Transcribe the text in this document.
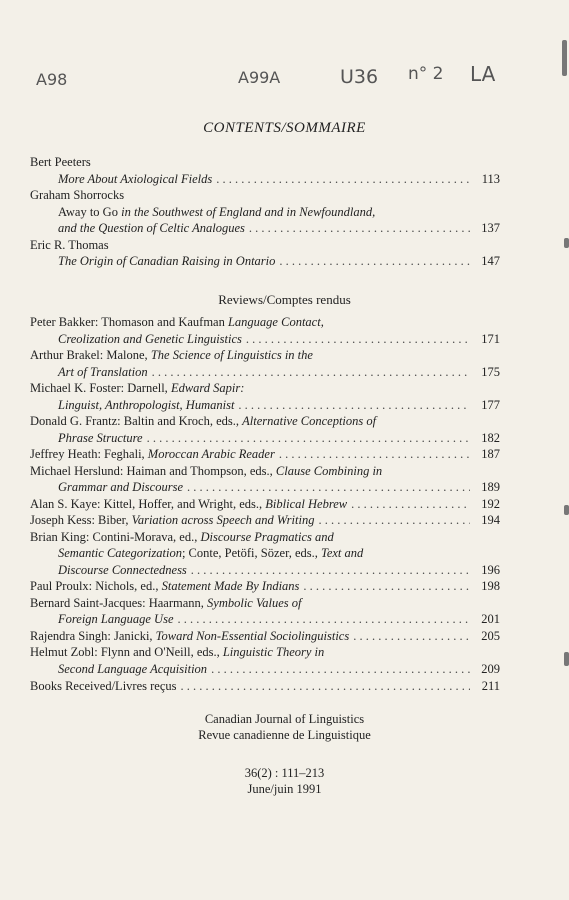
A98	A99A	U36 n° 2 LA
CONTENTS/SOMMAIRE
Bert Peeters
More About Axiological Fields . . .	113
Graham Shorrocks
Away to Go in the Southwest of England and in Newfoundland,
and the Question of Celtic Analogues . . .	137
Eric R. Thomas
The Origin of Canadian Raising in Ontario . . .	147
Reviews/Comptes rendus
Peter Bakker: Thomason and Kaufman Language Contact,
Creolization and Genetic Linguistics . . .	171
Arthur Brakel: Malone, The Science of Linguistics in the
Art of Translation . . .	175
Michael K. Foster: Darnell, Edward Sapir:
Linguist, Anthropologist, Humanist . . .	177
Donald G. Frantz: Baltin and Kroch, eds., Alternative Conceptions of
Phrase Structure . . .	182
Jeffrey Heath: Feghali, Moroccan Arabic Reader . . .	187
Michael Herslund: Haiman and Thompson, eds., Clause Combining in
Grammar and Discourse . . .	189
Alan S. Kaye: Kittel, Hoffer, and Wright, eds., Biblical Hebrew . . .	192
Joseph Kess: Biber, Variation across Speech and Writing . . .	194
Brian King: Contini-Morava, ed., Discourse Pragmatics and
Semantic Categorization; Conte, Petöfi, Sözer, eds., Text and
Discourse Connectedness . . .	196
Paul Proulx: Nichols, ed., Statement Made By Indians . . .	198
Bernard Saint-Jacques: Haarmann, Symbolic Values of
Foreign Language Use . . .	201
Rajendra Singh: Janicki, Toward Non-Essential Sociolinguistics . . .	205
Helmut Zobl: Flynn and O'Neill, eds., Linguistic Theory in
Second Language Acquisition . . .	209
Books Received/Livres reçus . . .	211
Canadian Journal of Linguistics
Revue canadienne de Linguistique
36(2) : 111–213
June/juin 1991
